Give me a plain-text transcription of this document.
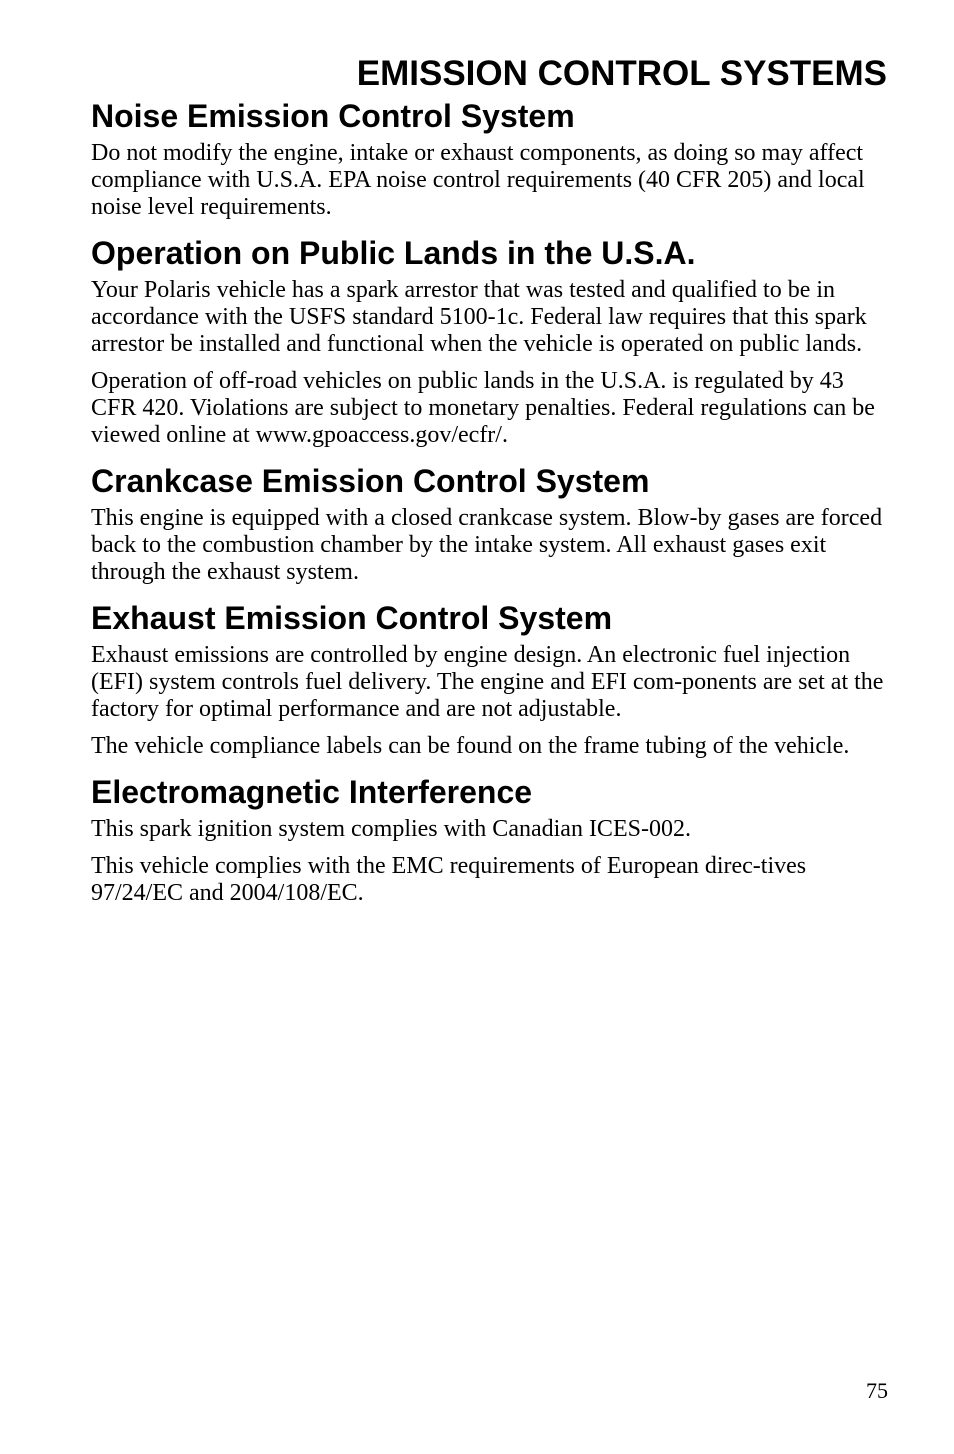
EMISSION CONTROL SYSTEMS
Noise Emission Control System

Do not modify the engine, intake or exhaust components, as doing so may affect compliance with U.S.A. EPA noise control requirements (40 CFR 205) and local noise level requirements.

Operation on Public Lands in the U.S.A.

Your Polaris vehicle has a spark arrestor that was tested and qualified to be in accordance with the USFS standard 5100-1c. Federal law requires that this spark arrestor be installed and functional when the vehicle is operated on public lands.

Operation of off-road vehicles on public lands in the U.S.A. is regulated by 43 CFR 420. Violations are subject to monetary penalties. Federal regulations can be viewed online at www.gpoaccess.gov/ecfr/.

Crankcase Emission Control System

This engine is equipped with a closed crankcase system. Blow-by gases are forced back to the combustion chamber by the intake system. All exhaust gases exit through the exhaust system.

Exhaust Emission Control System

Exhaust emissions are controlled by engine design. An electronic fuel injection (EFI) system controls fuel delivery. The engine and EFI com-ponents are set at the factory for optimal performance and are not adjustable.

The vehicle compliance labels can be found on the frame tubing of the vehicle.

Electromagnetic Interference

This spark ignition system complies with Canadian ICES-002.

This vehicle complies with the EMC requirements of European direc-tives 97/24/EC and 2004/108/EC.

75
